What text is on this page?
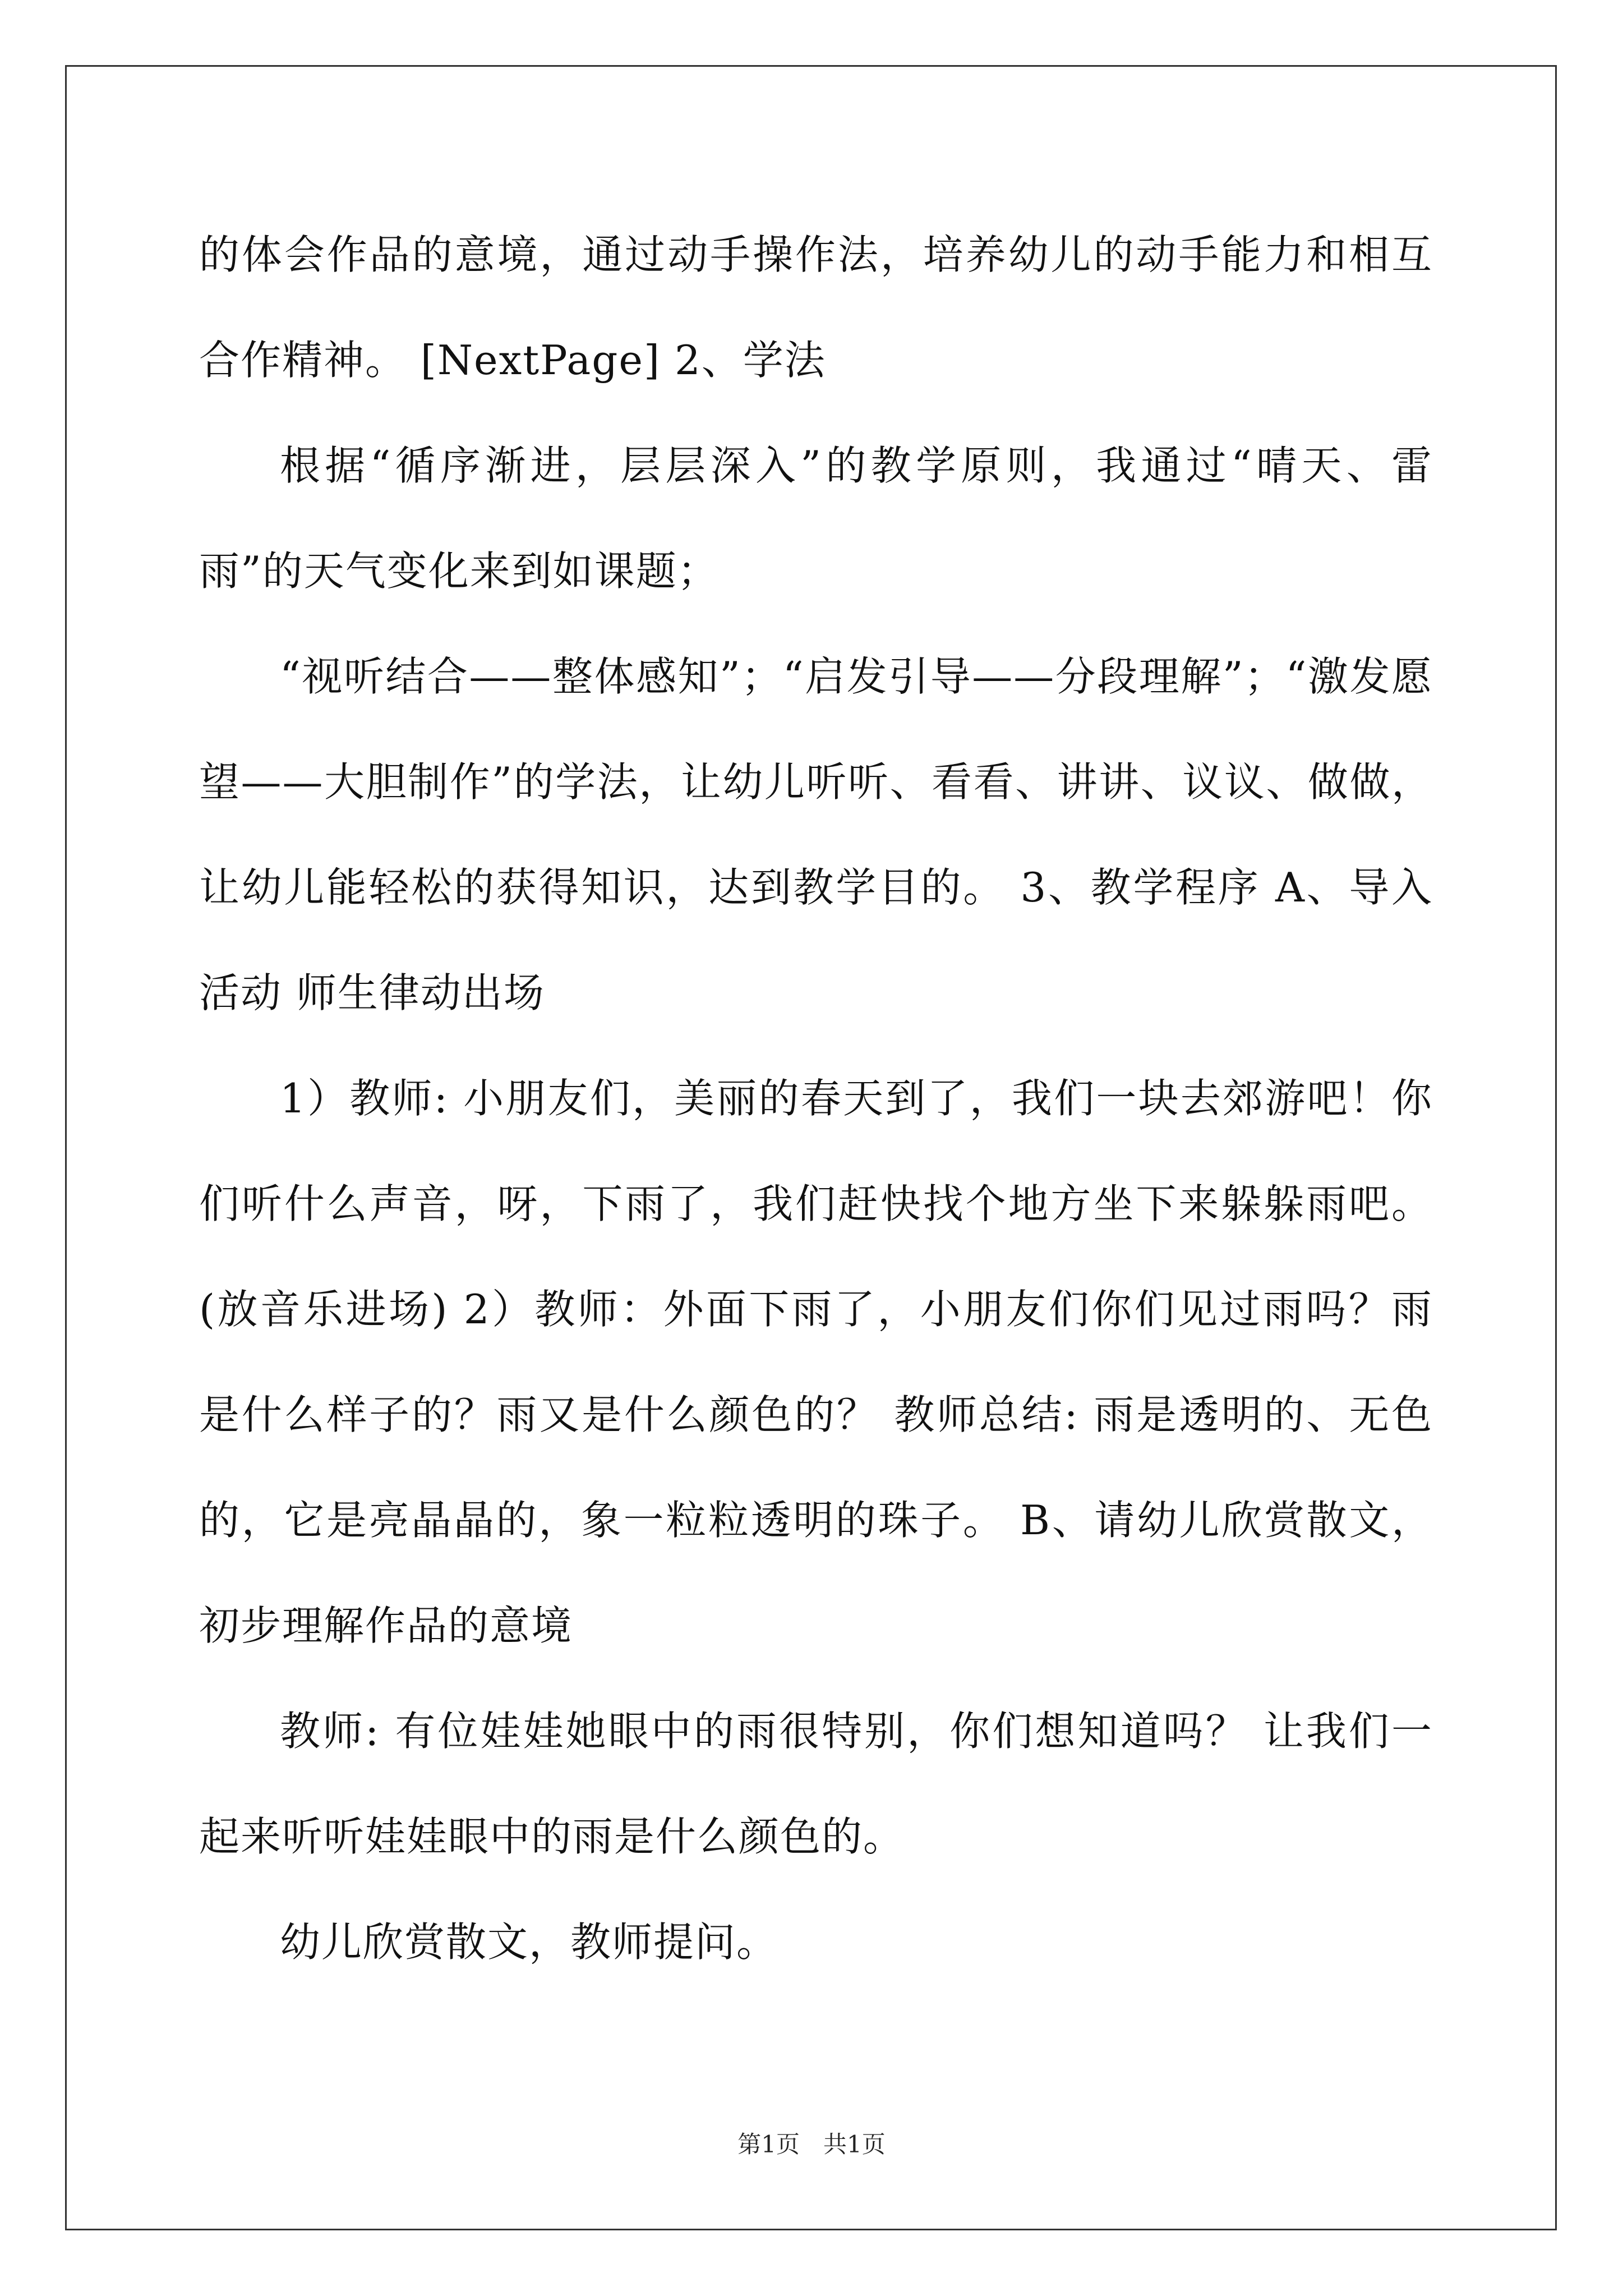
的体会作品的意境，通过动手操作法，培养幼儿的动手能力和相互合作精神。 [NextPage] 2、学法

根据“循序渐进，层层深入”的教学原则，我通过“晴天、雷雨”的天气变化来到如课题；

“视听结合——整体感知”；“启发引导——分段理解”；“激发愿望——大胆制作”的学法，让幼儿听听、看看、讲讲、议议、做做，让幼儿能轻松的获得知识，达到教学目的。 3、教学程序 A、导入活动 师生律动出场

1）教师: 小朋友们，美丽的春天到了，我们一块去郊游吧！你们听什么声音，呀，下雨了，我们赶快找个地方坐下来躲躲雨吧。(放音乐进场) 2）教师：外面下雨了，小朋友们你们见过雨吗？雨是什么样子的？雨又是什么颜色的？ 教师总结: 雨是透明的、无色的，它是亮晶晶的，象一粒粒透明的珠子。 B、请幼儿欣赏散文，初步理解作品的意境

教师: 有位娃娃她眼中的雨很特别，你们想知道吗？ 让我们一起来听听娃娃眼中的雨是什么颜色的。

幼儿欣赏散文，教师提问。

第1页　共1页
